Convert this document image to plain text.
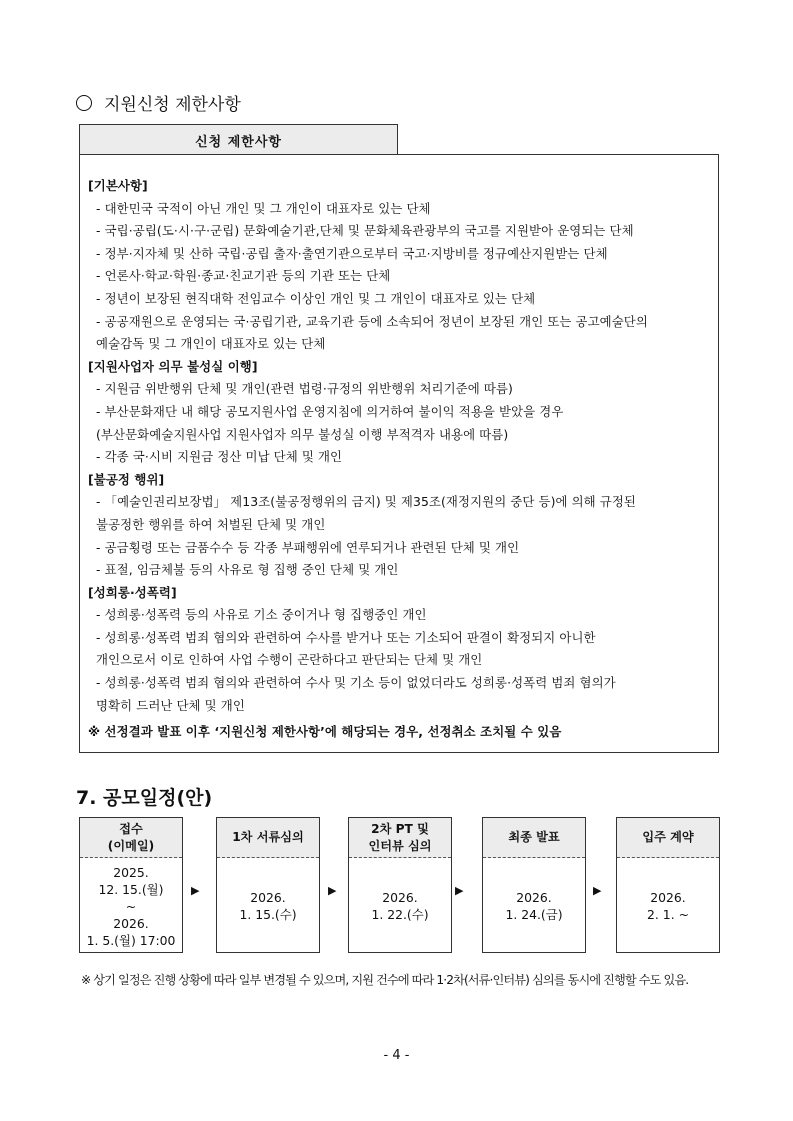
지원신청 제한사항
신청 제한사항
[기본사항]
- 대한민국 국적이 아닌 개인 및 그 개인이 대표자로 있는 단체
- 국립·공립(도·시·구·군립) 문화예술기관,단체 및 문화체육관광부의 국고를 지원받아 운영되는 단체
- 정부·지자체 및 산하 국립·공립 출자·출연기관으로부터 국고·지방비를 정규예산지원받는 단체
- 언론사·학교·학원·종교·친교기관 등의 기관 또는 단체
- 정년이 보장된 현직대학 전임교수 이상인 개인 및 그 개인이 대표자로 있는 단체
- 공공재원으로 운영되는 국·공립기관, 교육기관 등에 소속되어 정년이 보장된 개인 또는 공고예술단의
예술감독 및 그 개인이 대표자로 있는 단체
[지원사업자 의무 불성실 이행]
- 지원금 위반행위 단체 및 개인(관련 법령·규정의 위반행위 처리기준에 따름)
- 부산문화재단 내 해당 공모지원사업 운영지침에 의거하여 불이익 적용을 받았을 경우
(부산문화예술지원사업 지원사업자 의무 불성실 이행 부적격자 내용에 따름)
- 각종 국·시비 지원금 정산 미납 단체 및 개인
[불공정 행위]
- 「예술인권리보장법」 제13조(불공정행위의 금지) 및 제35조(재정지원의 중단 등)에 의해 규정된
불공정한 행위를 하여 처벌된 단체 및 개인
- 공금횡령 또는 금품수수 등 각종 부패행위에 연루되거나 관련된 단체 및 개인
- 표절, 임금체불 등의 사유로 형 집행 중인 단체 및 개인
[성희롱·성폭력]
- 성희롱·성폭력 등의 사유로 기소 중이거나 형 집행중인 개인
- 성희롱·성폭력 범죄 혐의와 관련하여 수사를 받거나 또는 기소되어 판결이 확정되지 아니한
개인으로서 이로 인하여 사업 수행이 곤란하다고 판단되는 단체 및 개인
- 성희롱·성폭력 범죄 혐의와 관련하여 수사 및 기소 등이 없었더라도 성희롱·성폭력 범죄 혐의가
명확히 드러난 단체 및 개인
※ 선정결과 발표 이후 ‘지원신청 제한사항’에 해당되는 경우, 선정취소 조치될 수 있음
7. 공모일정(안)
접수
(이메일)
2025.
12. 15.(월)
~
2026.
1. 5.(월) 17:00
▶
1차 서류심의
2026.
1. 15.(수)
▶
2차 PT 및
인터뷰 심의
2026.
1. 22.(수)
▶
최종 발표
2026.
1. 24.(금)
▶
입주 계약
2026.
2. 1. ~
※ 상기 일정은 진행 상황에 따라 일부 변경될 수 있으며, 지원 건수에 따라 1·2차(서류·인터뷰) 심의를 동시에 진행할 수도 있음.
- 4 -
